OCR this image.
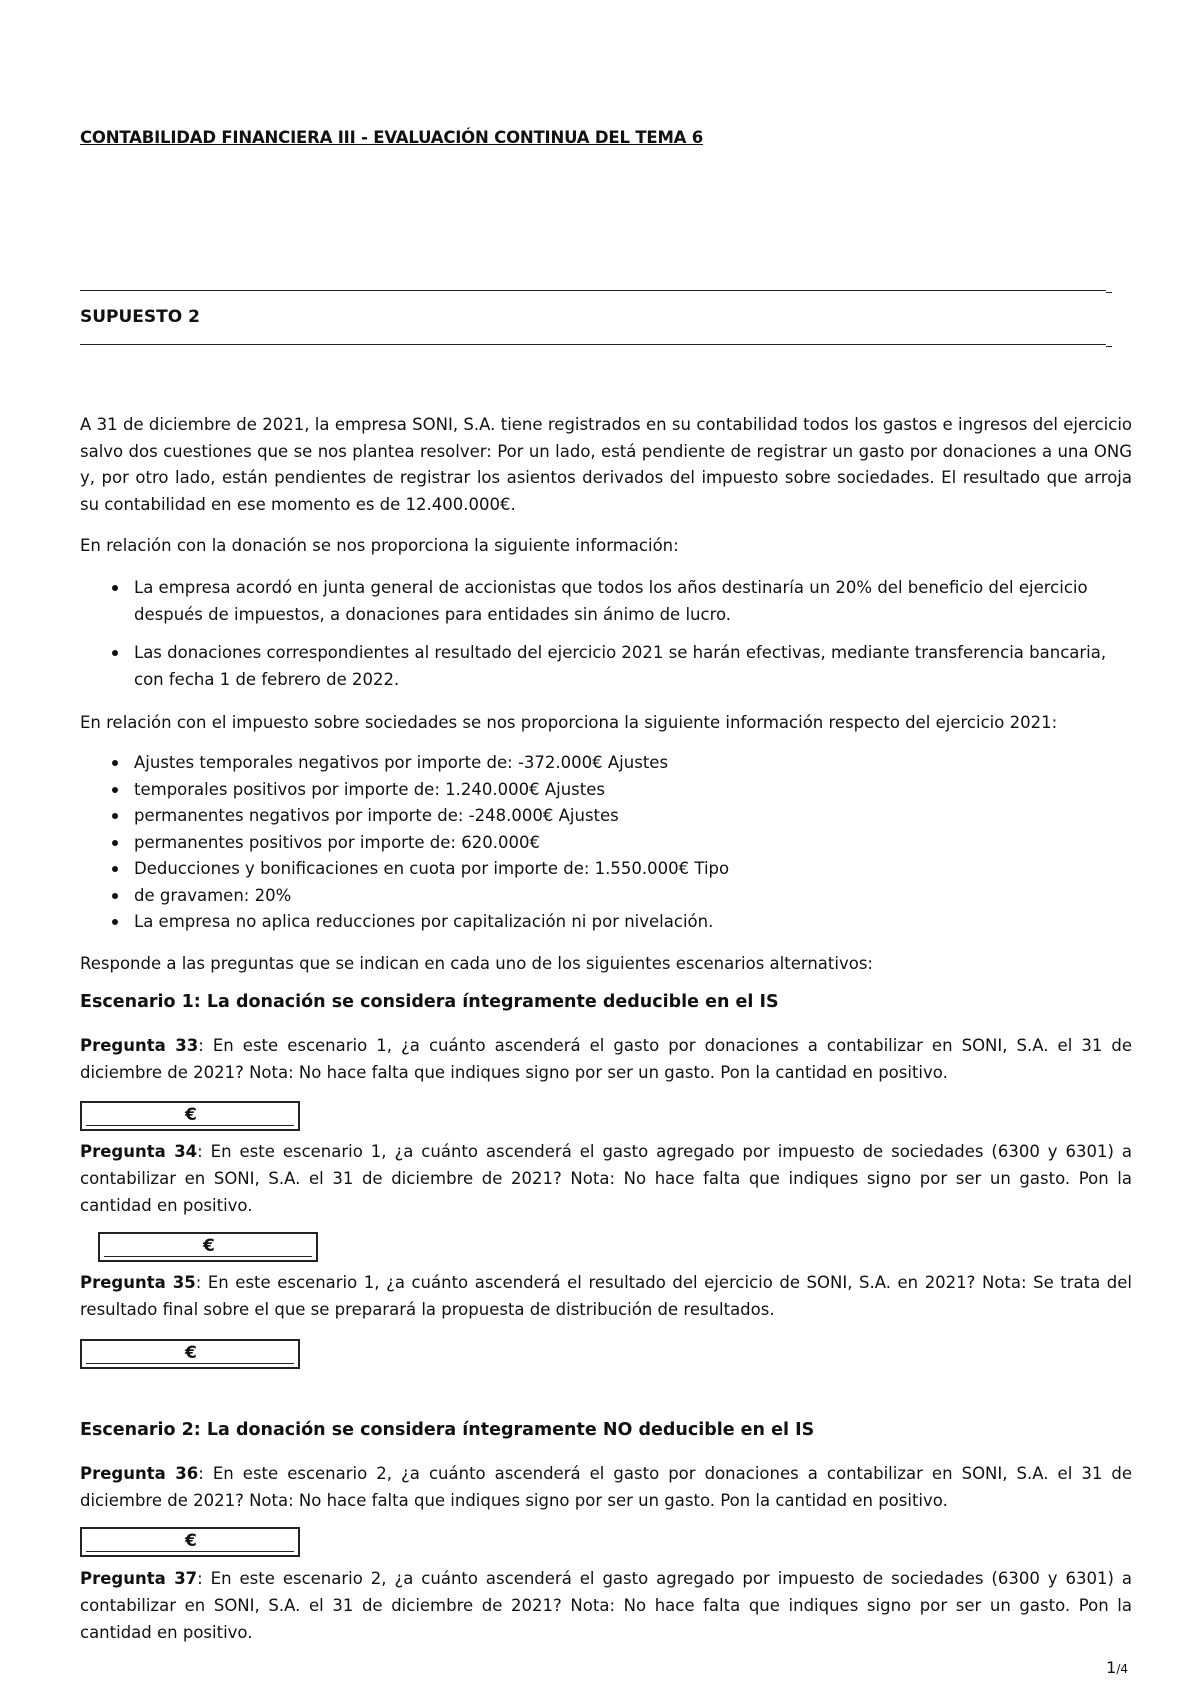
CONTABILIDAD FINANCIERA III - EVALUACIÓN CONTINUA DEL TEMA 6
SUPUESTO 2
A 31 de diciembre de 2021, la empresa SONI, S.A. tiene registrados en su contabilidad todos los gastos e ingresos del ejercicio salvo dos cuestiones que se nos plantea resolver: Por un lado, está pendiente de registrar un gasto por donaciones a una ONG y, por otro lado, están pendientes de registrar los asientos derivados del impuesto sobre sociedades. El resultado que arroja su contabilidad en ese momento es de 12.400.000€.
En relación con la donación se nos proporciona la siguiente información:
La empresa acordó en junta general de accionistas que todos los años destinaría un 20% del beneficio del ejercicio después de impuestos, a donaciones para entidades sin ánimo de lucro.
Las donaciones correspondientes al resultado del ejercicio 2021 se harán efectivas, mediante transferencia bancaria, con fecha 1 de febrero de 2022.
En relación con el impuesto sobre sociedades se nos proporciona la siguiente información respecto del ejercicio 2021:
Ajustes temporales negativos por importe de: -372.000€ Ajustes
temporales positivos por importe de: 1.240.000€ Ajustes
permanentes negativos por importe de: -248.000€ Ajustes
permanentes positivos por importe de: 620.000€
Deducciones y bonificaciones en cuota por importe de: 1.550.000€ Tipo
de gravamen: 20%
La empresa no aplica reducciones por capitalización ni por nivelación.
Responde a las preguntas que se indican en cada uno de los siguientes escenarios alternativos:
Escenario 1: La donación se considera íntegramente deducible en el IS
Pregunta 33: En este escenario 1, ¿a cuánto ascenderá el gasto por donaciones a contabilizar en SONI, S.A. el 31 de diciembre de 2021? Nota: No hace falta que indiques signo por ser un gasto. Pon la cantidad en positivo.
€
Pregunta 34: En este escenario 1, ¿a cuánto ascenderá el gasto agregado por impuesto de sociedades (6300 y 6301) a contabilizar en SONI, S.A. el 31 de diciembre de 2021? Nota: No hace falta que indiques signo por ser un gasto. Pon la cantidad en positivo.
€
Pregunta 35: En este escenario 1, ¿a cuánto ascenderá el resultado del ejercicio de SONI, S.A. en 2021? Nota: Se trata del resultado final sobre el que se preparará la propuesta de distribución de resultados.
€
Escenario 2: La donación se considera íntegramente NO deducible en el IS
Pregunta 36: En este escenario 2, ¿a cuánto ascenderá el gasto por donaciones a contabilizar en SONI, S.A. el 31 de diciembre de 2021? Nota: No hace falta que indiques signo por ser un gasto. Pon la cantidad en positivo.
€
Pregunta 37: En este escenario 2, ¿a cuánto ascenderá el gasto agregado por impuesto de sociedades (6300 y 6301) a contabilizar en SONI, S.A. el 31 de diciembre de 2021? Nota: No hace falta que indiques signo por ser un gasto. Pon la cantidad en positivo.
1/4
